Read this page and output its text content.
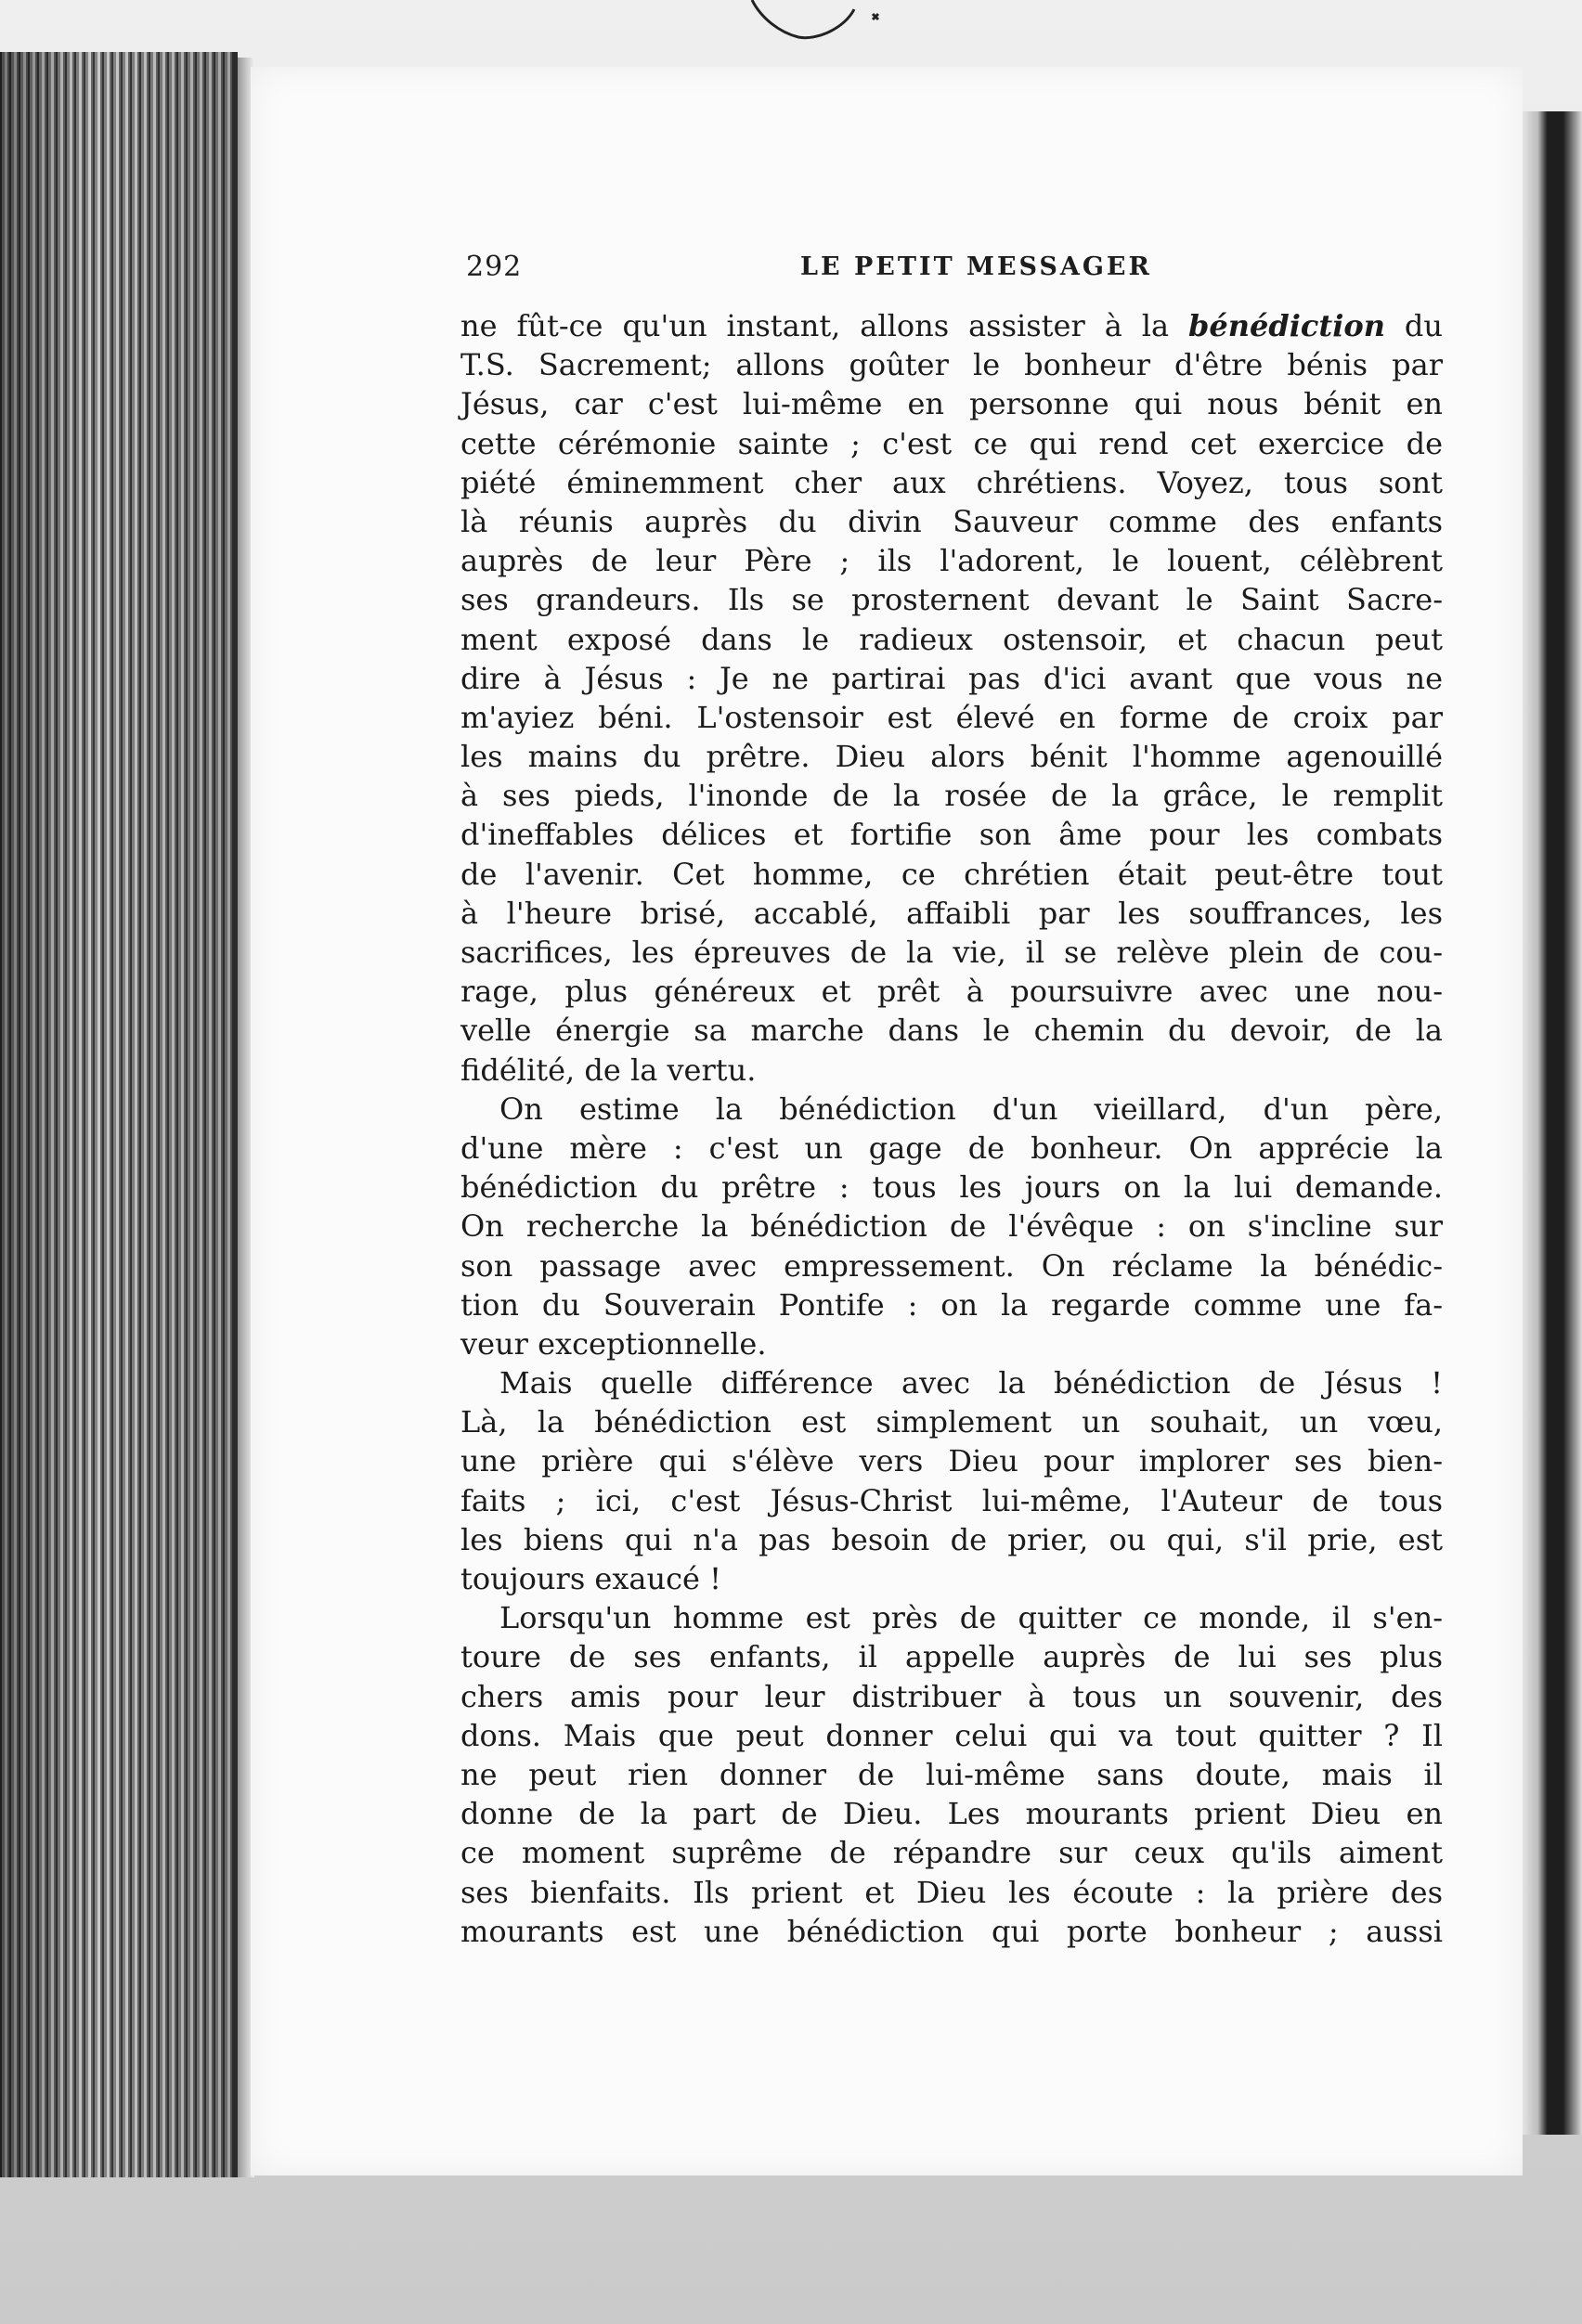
292	LE PETIT MESSAGER
ne fût-ce qu'un instant, allons assister à la bénédiction du
T.S. Sacrement; allons goûter le bonheur d'être bénis par
Jésus, car c'est lui-même en personne qui nous bénit en
cette cérémonie sainte ; c'est ce qui rend cet exercice de
piété éminemment cher aux chrétiens. Voyez, tous sont
là réunis auprès du divin Sauveur comme des enfants
auprès de leur Père ; ils l'adorent, le louent, célèbrent
ses grandeurs. Ils se prosternent devant le Saint Sacre-
ment exposé dans le radieux ostensoir, et chacun peut
dire à Jésus : Je ne partirai pas d'ici avant que vous ne
m'ayiez béni. L'ostensoir est élevé en forme de croix par
les mains du prêtre. Dieu alors bénit l'homme agenouillé
à ses pieds, l'inonde de la rosée de la grâce, le remplit
d'ineffables délices et fortifie son âme pour les combats
de l'avenir. Cet homme, ce chrétien était peut-être tout
à l'heure brisé, accablé, affaibli par les souffrances, les
sacrifices, les épreuves de la vie, il se relève plein de cou-
rage, plus généreux et prêt à poursuivre avec une nou-
velle énergie sa marche dans le chemin du devoir, de la
fidélité, de la vertu.
On estime la bénédiction d'un vieillard, d'un père,
d'une mère : c'est un gage de bonheur. On apprécie la
bénédiction du prêtre : tous les jours on la lui demande.
On recherche la bénédiction de l'évêque : on s'incline sur
son passage avec empressement. On réclame la bénédic-
tion du Souverain Pontife : on la regarde comme une fa-
veur exceptionnelle.
Mais quelle différence avec la bénédiction de Jésus !
Là, la bénédiction est simplement un souhait, un vœu,
une prière qui s'élève vers Dieu pour implorer ses bien-
faits ; ici, c'est Jésus-Christ lui-même, l'Auteur de tous
les biens qui n'a pas besoin de prier, ou qui, s'il prie, est
toujours exaucé !
Lorsqu'un homme est près de quitter ce monde, il s'en-
toure de ses enfants, il appelle auprès de lui ses plus
chers amis pour leur distribuer à tous un souvenir, des
dons. Mais que peut donner celui qui va tout quitter ? Il
ne peut rien donner de lui-même sans doute, mais il
donne de la part de Dieu. Les mourants prient Dieu en
ce moment suprême de répandre sur ceux qu'ils aiment
ses bienfaits. Ils prient et Dieu les écoute : la prière des
mourants est une bénédiction qui porte bonheur ; aussi
